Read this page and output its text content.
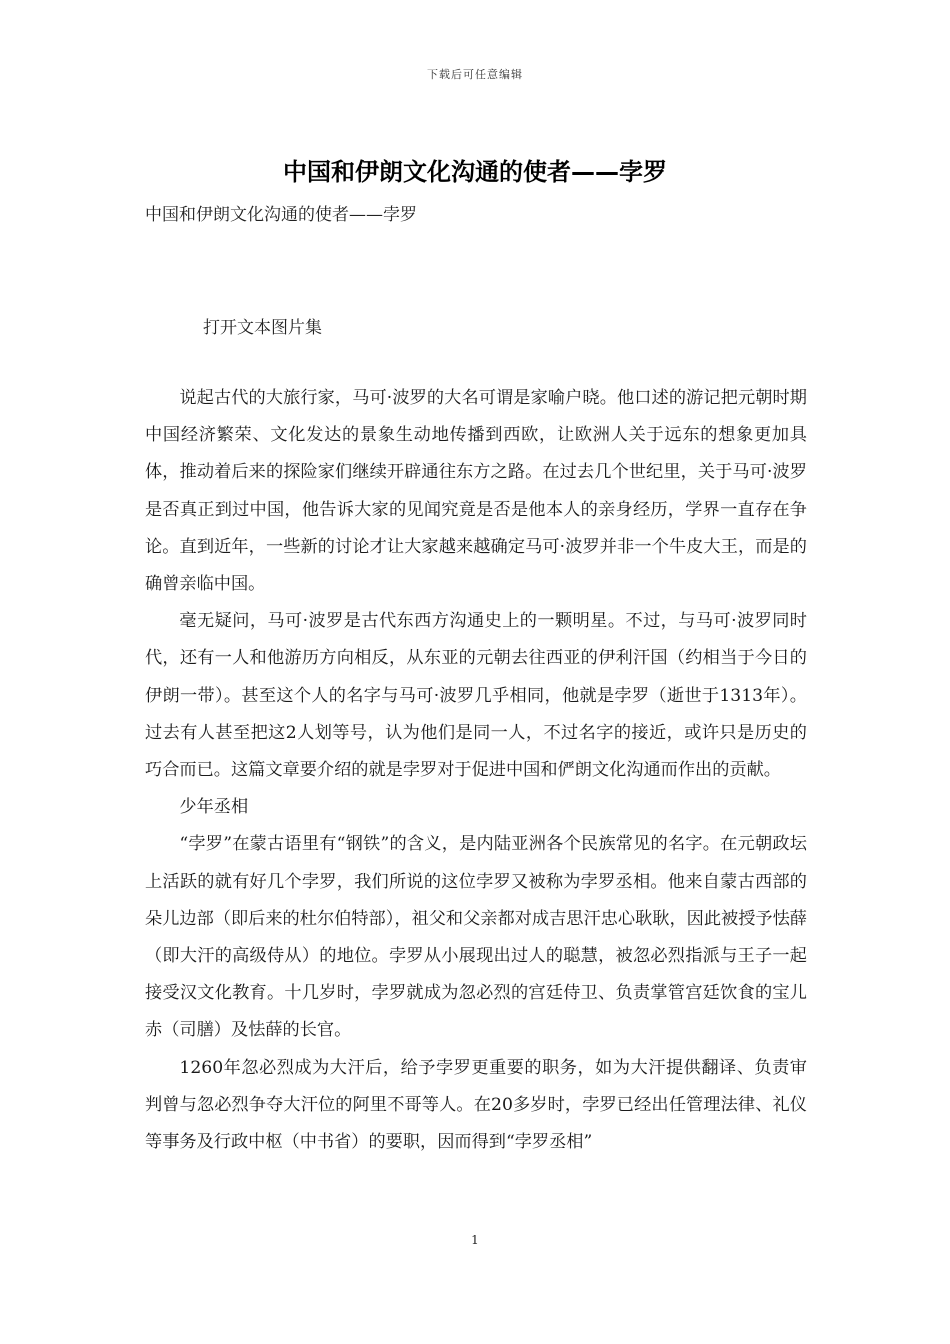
下载后可任意编辑
中国和伊朗文化沟通的使者——孛罗
中国和伊朗文化沟通的使者——孛罗
打开文本图片集

说起古代的大旅行家，马可·波罗的大名可谓是家喻户晓。他口述的游记把元朝时期中国经济繁荣、文化发达的景象生动地传播到西欧，让欧洲人关于远东的想象更加具体，推动着后来的探险家们继续开辟通往东方之路。在过去几个世纪里，关于马可·波罗是否真正到过中国，他告诉大家的见闻究竟是否是他本人的亲身经历，学界一直存在争论。直到近年，一些新的讨论才让大家越来越确定马可·波罗并非一个牛皮大王，而是的确曾亲临中国。

毫无疑问，马可·波罗是古代东西方沟通史上的一颗明星。不过，与马可·波罗同时代，还有一人和他游历方向相反，从东亚的元朝去往西亚的伊利汗国（约相当于今日的伊朗一带）。甚至这个人的名字与马可·波罗几乎相同，他就是孛罗（逝世于1313年）。过去有人甚至把这2人划等号，认为他们是同一人，不过名字的接近，或许只是历史的巧合而已。这篇文章要介绍的就是孛罗对于促进中国和俨朗文化沟通而作出的贡献。

少年丞相

“孛罗”在蒙古语里有“钢铁”的含义，是内陆亚洲各个民族常见的名字。在元朝政坛上活跃的就有好几个孛罗，我们所说的这位孛罗又被称为孛罗丞相。他来自蒙古西部的朵儿边部（即后来的杜尔伯特部），祖父和父亲都对成吉思汗忠心耿耿，因此被授予怯薛（即大汗的高级侍从）的地位。孛罗从小展现出过人的聪慧，被忽必烈指派与王子一起接受汉文化教育。十几岁时，孛罗就成为忽必烈的宫廷侍卫、负责掌管宫廷饮食的宝儿赤（司膳）及怯薛的长官。

1260年忽必烈成为大汗后，给予孛罗更重要的职务，如为大汗提供翻译、负责审判曾与忽必烈争夺大汗位的阿里不哥等人。在20多岁时，孛罗已经出任管理法律、礼仪等事务及行政中枢（中书省）的要职，因而得到“孛罗丞相”

1
